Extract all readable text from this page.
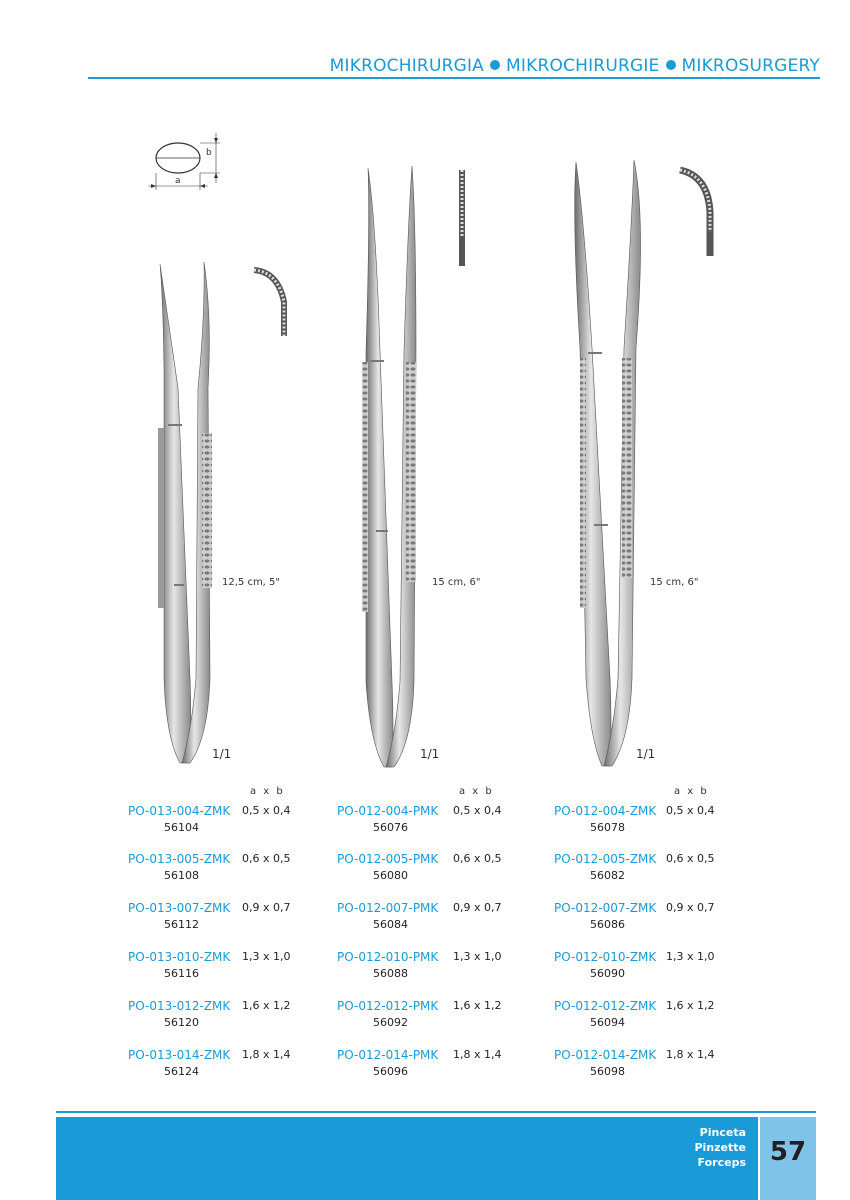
MIKROCHIRURGIA MIKROCHIRURGIE MIKROSURGERY
b
a
12,5 cm, 5"
1/1
15 cm, 6"
1/1
15 cm, 6"
1/1
a x b
PO-013-004-ZMK 0,5 x 0,4
56104
PO-013-005-ZMK 0,6 x 0,5
56108
PO-013-007-ZMK 0,9 x 0,7
56112
PO-013-010-ZMK 1,3 x 1,0
56116
PO-013-012-ZMK 1,6 x 1,2
56120
PO-013-014-ZMK 1,8 x 1,4
56124
a x b
PO-012-004-PMK 0,5 x 0,4
56076
PO-012-005-PMK 0,6 x 0,5
56080
PO-012-007-PMK 0,9 x 0,7
56084
PO-012-010-PMK 1,3 x 1,0
56088
PO-012-012-PMK 1,6 x 1,2
56092
PO-012-014-PMK 1,8 x 1,4
56096
a x b
PO-012-004-ZMK 0,5 x 0,4
56078
PO-012-005-ZMK 0,6 x 0,5
56082
PO-012-007-ZMK 0,9 x 0,7
56086
PO-012-010-ZMK 1,3 x 1,0
56090
PO-012-012-ZMK 1,6 x 1,2
56094
PO-012-014-ZMK 1,8 x 1,4
56098
Pinceta
Pinzette
Forceps 57
